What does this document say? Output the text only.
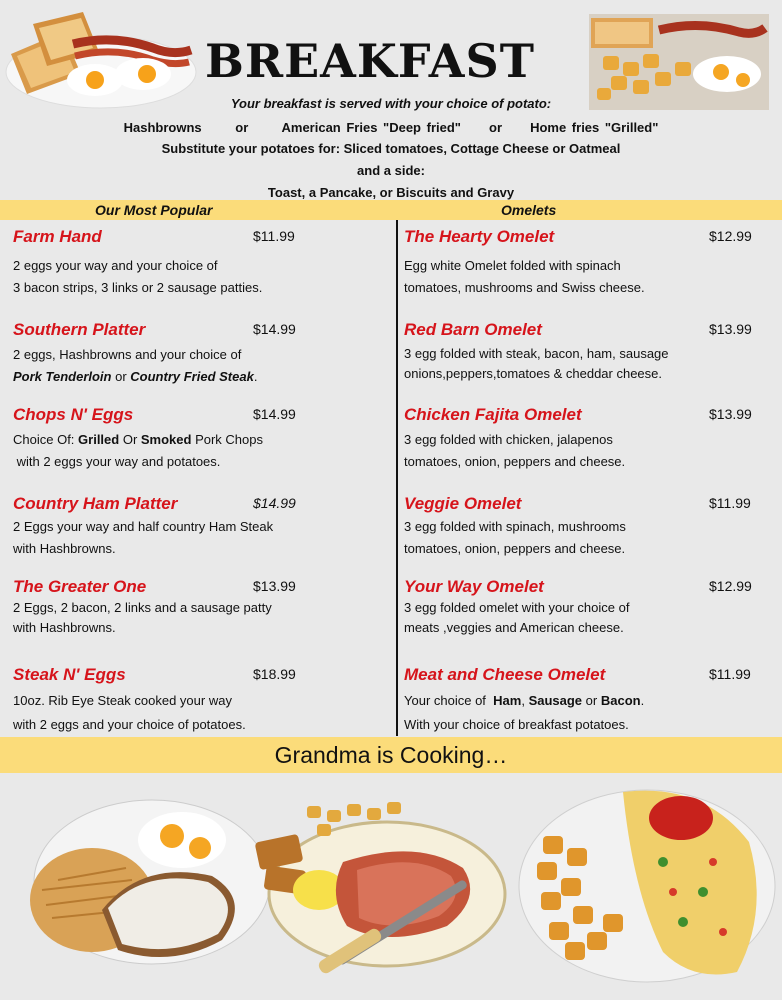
BREAKFAST
Your breakfast is served with your choice of potato:
Hashbrowns	or	American Fries "Deep fried" or Home fries "Grilled"
Substitute your potatoes for: Sliced tomatoes, Cottage Cheese or Oatmeal
and a side:
Toast, a Pancake, or Biscuits and Gravy
Our Most Popular	Omelets
Farm Hand	$11.99
2 eggs your way and your choice of
3 bacon strips, 3 links or 2 sausage patties.
Southern Platter	$14.99
2 eggs, Hashbrowns and your choice of
Pork Tenderloin or Country Fried Steak.
Chops N' Eggs	$14.99
Choice Of: Grilled Or Smoked Pork Chops
with 2 eggs your way and potatoes.
Country Ham Platter	$14.99
2 Eggs your way and half country Ham Steak
with Hashbrowns.
The Greater One	$13.99
2 Eggs, 2 bacon, 2 links and a sausage patty
with Hashbrowns.
Steak N' Eggs	$18.99
10oz. Rib Eye Steak cooked your way
with 2 eggs and your choice of potatoes.
The Hearty Omelet	$12.99
Egg white Omelet folded with spinach
tomatoes, mushrooms and Swiss cheese.
Red Barn Omelet	$13.99
3 egg folded with steak, bacon, ham, sausage
onions,peppers,tomatoes & cheddar cheese.
Chicken Fajita Omelet	$13.99
3 egg folded with chicken, jalapenos
tomatoes, onion, peppers and cheese.
Veggie Omelet	$11.99
3 egg folded with spinach, mushrooms
tomatoes, onion, peppers and cheese.
Your Way Omelet	$12.99
3 egg folded omelet with your choice of
meats ,veggies and American cheese.
Meat and Cheese Omelet	$11.99
Your choice of  Ham, Sausage or Bacon.
With your choice of breakfast potatoes.
Grandma is Cooking…
